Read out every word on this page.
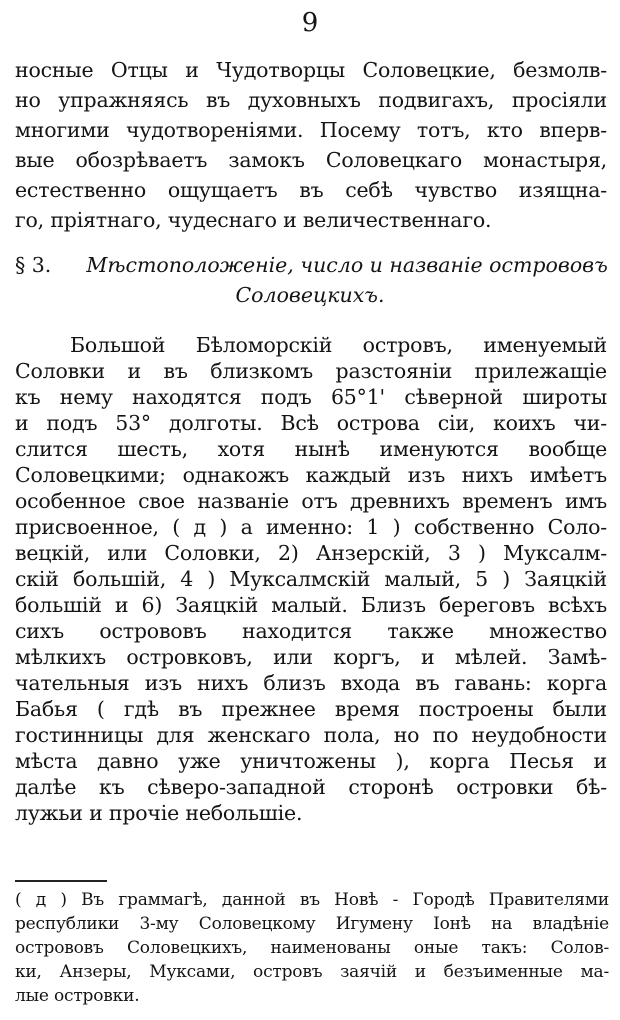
9
носные Отцы и Чудотворцы Соловецкие, безмолв-
но упражняясь въ духовныхъ подвигахъ, просіяли
многими чудотвореніями. Посему тотъ, кто вперв-
вые обозрѣваетъ замокъ Соловецкаго монастыря,
естественно ощущаетъ въ себѣ чувство изящна-
го, пріятнаго, чудеснаго и величественнаго.
§ 3. Мѣстоположеніе, число и названіе острововъ
Соловецкихъ.
Большой Бѣломорскій островъ, именуемый
Соловки и въ близкомъ разстояніи прилежащіе
къ нему находятся подъ 65°1' сѣверной широты
и подъ 53° долготы. Всѣ острова сіи, коихъ чи-
слится шесть, хотя нынѣ именуются вообще
Соловецкими; однакожъ каждый изъ нихъ имѣетъ
особенное свое названіе отъ древнихъ временъ имъ
присвоенное, ( д ) а именно: 1 ) собственно Соло-
вецкій, или Соловки, 2) Анзерскій, 3 ) Муксалм-
скій большій, 4 ) Муксалмскій малый, 5 ) Заяцкій
большій и 6) Заяцкій малый. Близъ береговъ всѣхъ
сихъ острововъ находится также множество
мѣлкихъ островковъ, или коргъ, и мѣлей. Замѣ-
чательныя изъ нихъ близъ входа въ гавань: корга
Бабья ( гдѣ въ прежнее время построены были
гостинницы для женскаго пола, но по неудобности
мѣста давно уже уничтожены ), корга Песья и
далѣе къ сѣверо-западной сторонѣ островки бѣ-
лужьи и прочіе небольшіе.
( д ) Въ граммагѣ, данной въ Новѣ - Городѣ Правителями
республики 3-му Соловецкому Игумену Іонѣ на владѣніе
острововъ Соловецкихъ, наименованы оные такъ: Солов-
ки, Анзеры, Муксами, островъ заячій и безъименные ма-
лые островки.
